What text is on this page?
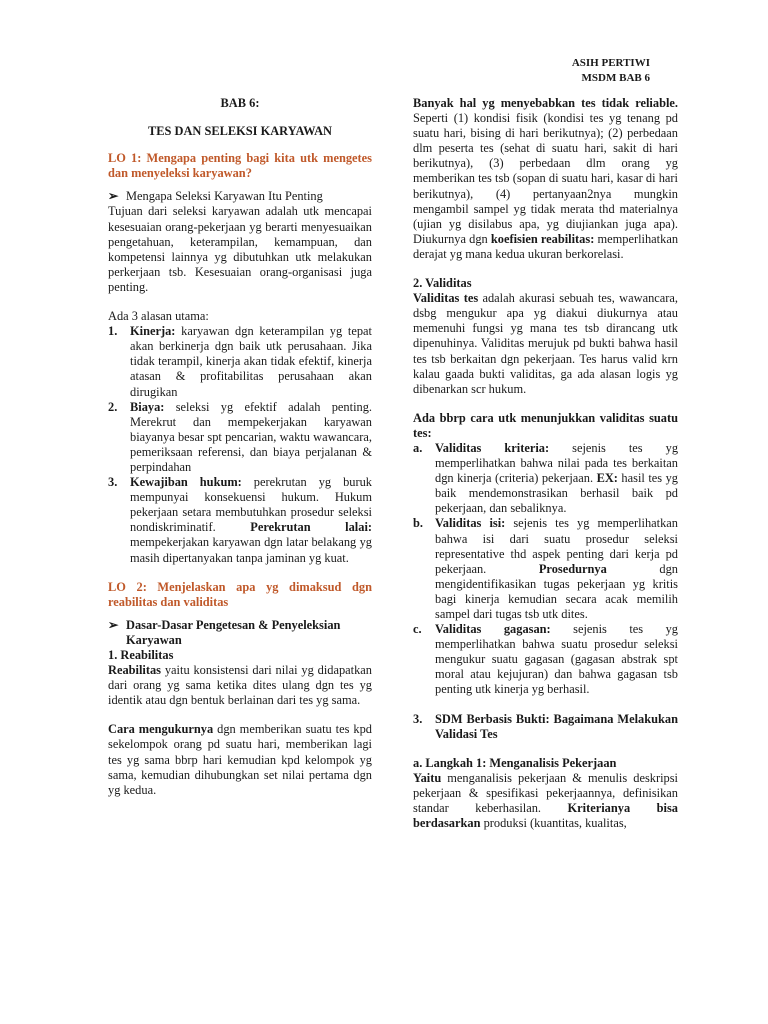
ASIH PERTIWI
MSDM BAB 6

BAB 6:

TES DAN SELEKSI KARYAWAN

LO 1: Mengapa penting bagi kita utk mengetes dan menyeleksi karyawan?

➢ Mengapa Seleksi Karyawan Itu Penting

Tujuan dari seleksi karyawan adalah utk mencapai kesesuaian orang-pekerjaan yg berarti menyesuaikan pengetahuan, keterampilan, kemampuan, dan kompetensi lainnya yg dibutuhkan utk melakukan perkerjaan tsb. Kesesuaian orang-organisasi juga penting.

Ada 3 alasan utama:

1.	Kinerja: karyawan dgn keterampilan yg tepat akan berkinerja dgn baik utk perusahaan. Jika tidak terampil, kinerja akan tidak efektif, kinerja atasan & profitabilitas perusahaan akan dirugikan
2.	Biaya: seleksi yg efektif adalah penting. Merekrut dan mempekerjakan karyawan biayanya besar spt pencarian, waktu wawancara, pemeriksaan referensi, dan biaya perjalanan & perpindahan
3.	Kewajiban hukum: perekrutan yg buruk mempunyai konsekuensi hukum. Hukum pekerjaan setara membutuhkan prosedur seleksi nondiskriminatif. Perekrutan lalai: mempekerjakan karyawan dgn latar belakang yg masih dipertanyakan tanpa jaminan yg kuat.

LO 2: Menjelaskan apa yg dimaksud dgn reabilitas dan validitas

➢ Dasar-Dasar Pengetesan & Penyeleksian Karyawan

1. Reabilitas

Reabilitas yaitu konsistensi dari nilai yg didapatkan dari orang yg sama ketika dites ulang dgn tes yg identik atau dgn bentuk berlainan dari tes yg sama.

Cara mengukurnya dgn memberikan suatu tes kpd sekelompok orang pd suatu hari, memberikan lagi tes yg sama bbrp hari kemudian kpd kelompok yg sama, kemudian dihubungkan set nilai pertama dgn yg kedua.

Banyak hal yg menyebabkan tes tidak reliable. Seperti (1) kondisi fisik (kondisi tes yg tenang pd suatu hari, bising di hari berikutnya); (2) perbedaan dlm peserta tes (sehat di suatu hari, sakit di hari berikutnya), (3) perbedaan dlm orang yg memberikan tes tsb (sopan di suatu hari, kasar di hari berikutnya), (4) pertanyaan2nya mungkin mengambil sampel yg tidak merata thd materialnya (ujian yg disilabus apa, yg diujiankan juga apa). Diukurnya dgn koefisien reabilitas: memperlihatkan derajat yg mana kedua ukuran berkorelasi.

2. Validitas

Validitas tes adalah akurasi sebuah tes, wawancara, dsbg mengukur apa yg diakui diukurnya atau memenuhi fungsi yg mana tes tsb dirancang utk dipenuhinya. Validitas merujuk pd bukti bahwa hasil tes tsb berkaitan dgn pekerjaan. Tes harus valid krn kalau gaada bukti validitas, ga ada alasan logis yg dibenarkan scr hukum.

Ada bbrp cara utk menunjukkan validitas suatu tes:

a.	Validitas kriteria: sejenis tes yg memperlihatkan bahwa nilai pada tes berkaitan dgn kinerja (criteria) pekerjaan. EX: hasil tes yg baik mendemonstrasikan berhasil baik pd pekerjaan, dan sebaliknya.
b. Validitas isi: sejenis tes yg memperlihatkan bahwa isi dari suatu prosedur seleksi representative thd aspek penting dari kerja pd pekerjaan. Prosedurnya dgn mengidentifikasikan tugas pekerjaan yg kritis bagi kinerja kemudian secara acak memilih sampel dari tugas tsb utk dites.
c.	Validitas gagasan: sejenis tes yg memperlihatkan bahwa suatu prosedur seleksi mengukur suatu gagasan (gagasan abstrak spt moral atau kejujuran) dan bahwa gagasan tsb penting utk kinerja yg berhasil.
3.	SDM Berbasis Bukti: Bagaimana Melakukan Validasi Tes

a. Langkah 1: Menganalisis Pekerjaan

Yaitu menganalisis pekerjaan & menulis deskripsi pekerjaan & spesifikasi pekerjaannya, definisikan standar keberhasilan. Kriterianya bisa berdasarkan produksi (kuantitas, kualitas,
